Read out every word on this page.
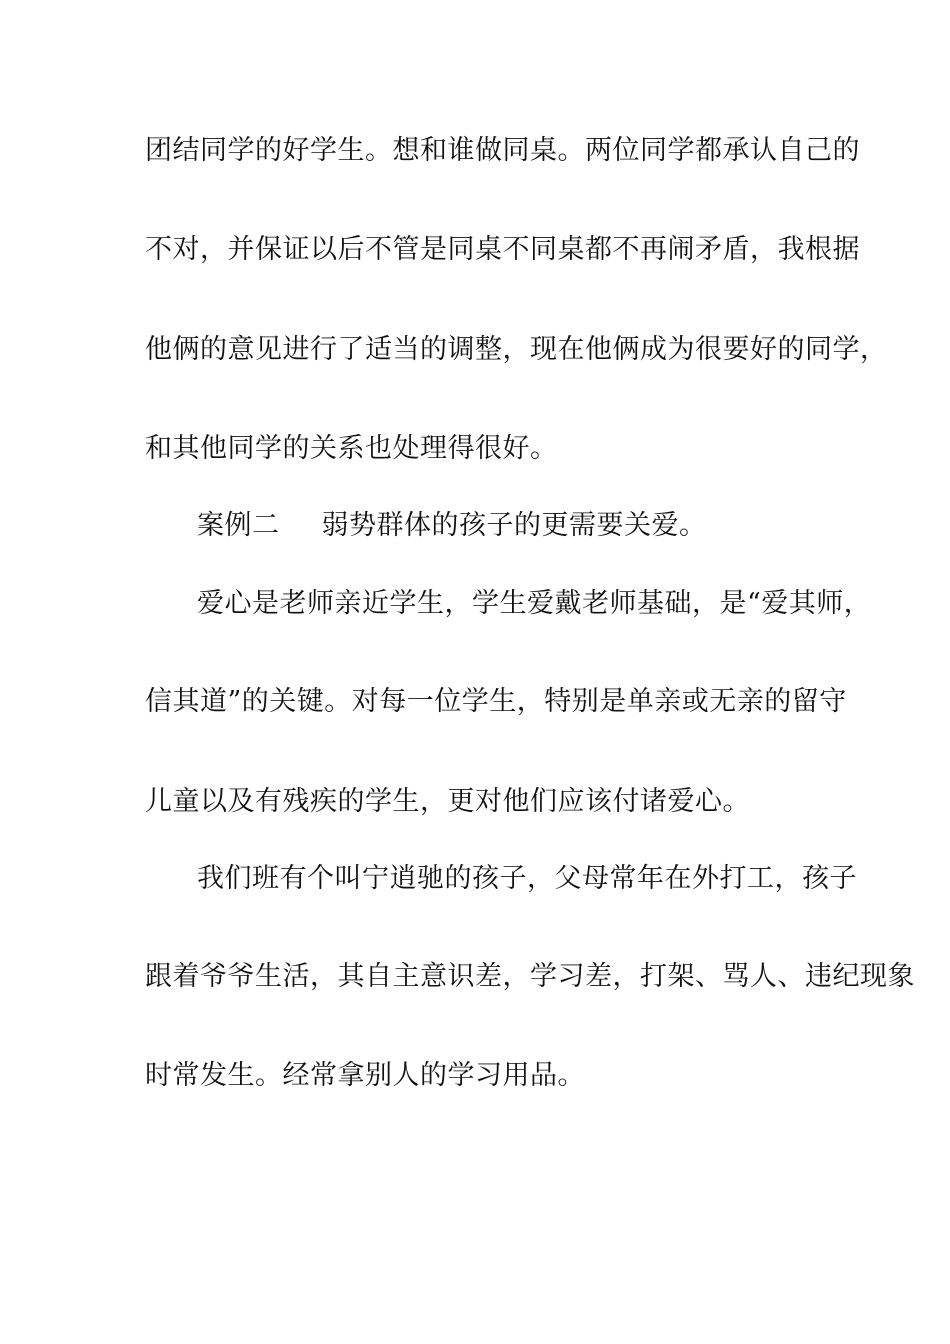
团结同学的好学生。想和谁做同桌。两位同学都承认自己的
不对，并保证以后不管是同桌不同桌都不再闹矛盾，我根据
他俩的意见进行了适当的调整，现在他俩成为很要好的同学，
和其他同学的关系也处理得很好。
案例二 弱势群体的孩子的更需要关爱。
爱心是老师亲近学生，学生爱戴老师基础，是“爱其师，
信其道”的关键。对每一位学生，特别是单亲或无亲的留守
儿童以及有残疾的学生，更对他们应该付诸爱心。
我们班有个叫宁逍驰的孩子，父母常年在外打工，孩子
跟着爷爷生活，其自主意识差，学习差，打架、骂人、违纪现象
时常发生。经常拿别人的学习用品。
